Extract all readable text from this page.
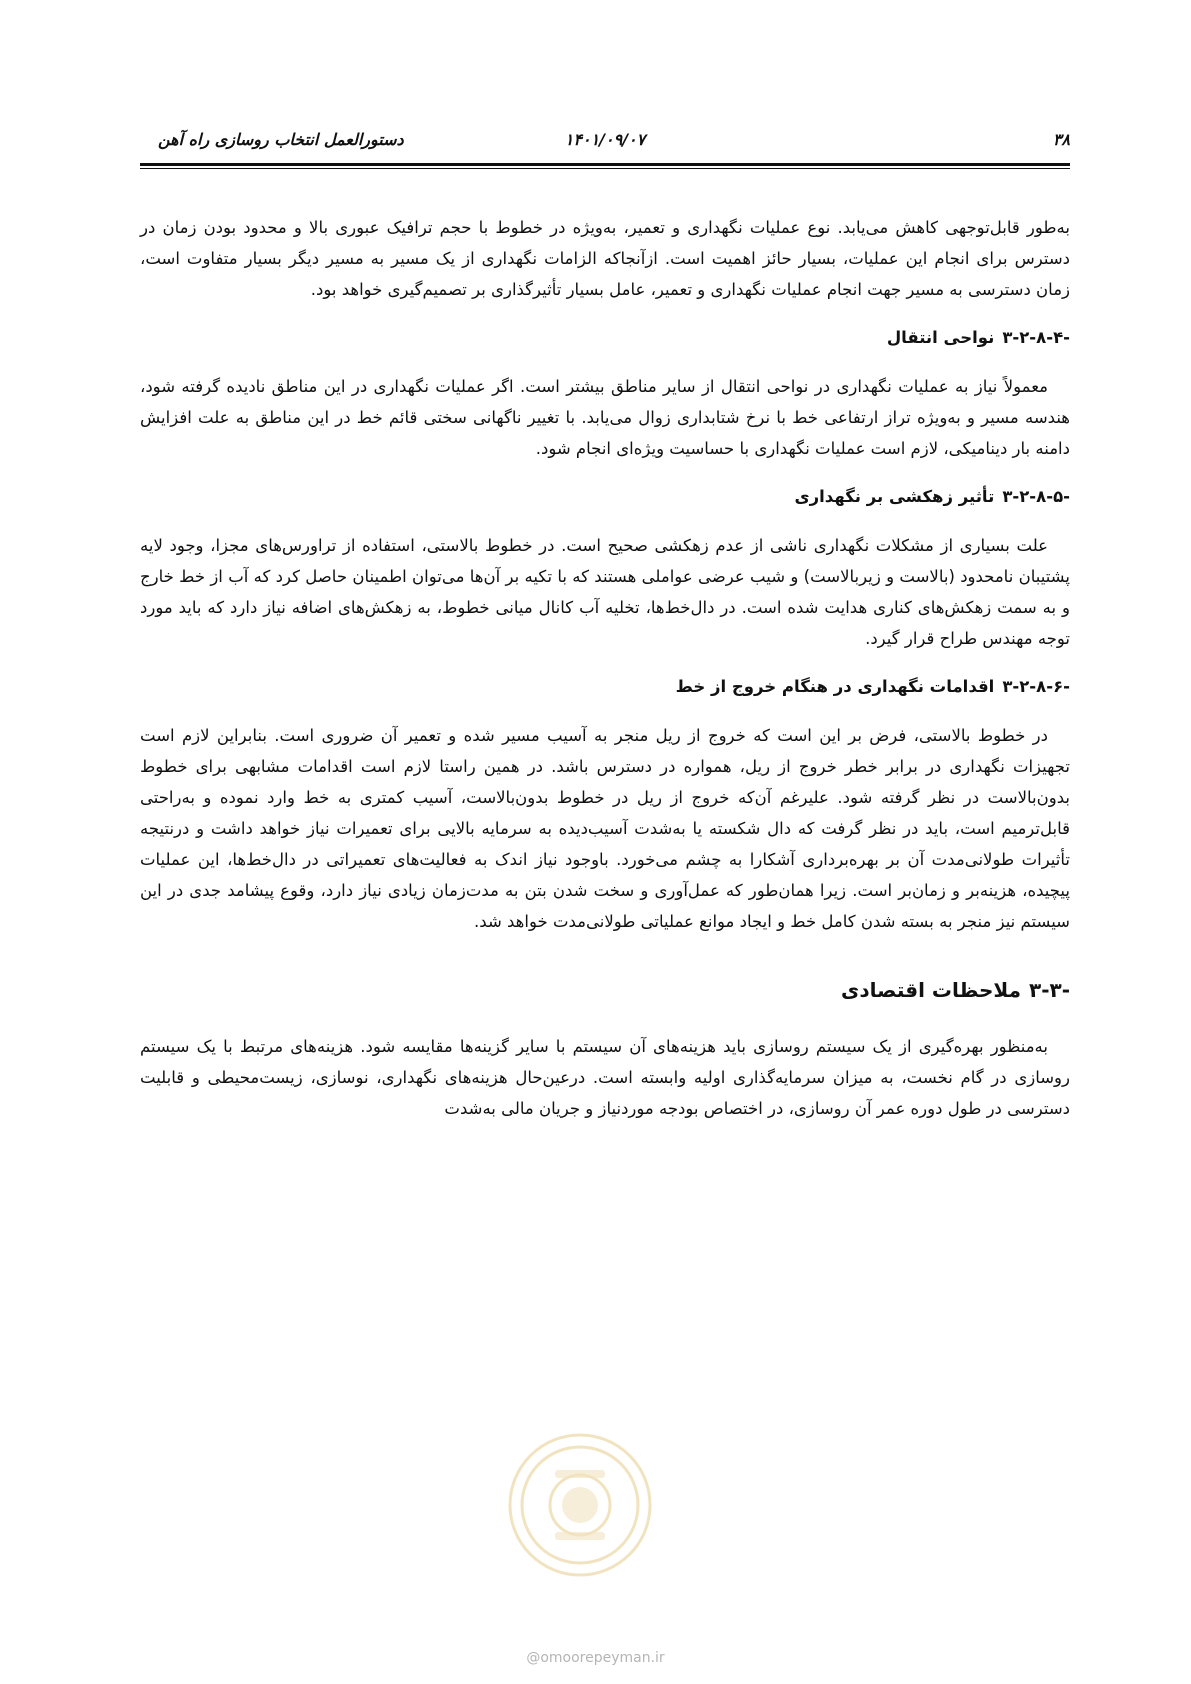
۳۸
۱۴۰۱/۰۹/۰۷
دستورالعمل انتخاب روسازی راه آهن

به‌طور قابل‌توجهی کاهش می‌یابد. نوع عملیات نگهداری و تعمیر، به‌ویژه در خطوط با حجم ترافیک عبوری بالا و محدود بودن زمان در دسترس برای انجام این عملیات، بسیار حائز اهمیت است. ازآنجاکه الزامات نگهداری از یک مسیر به مسیر دیگر بسیار متفاوت است، زمان دسترسی به مسیر جهت انجام عملیات نگهداری و تعمیر، عامل بسیار تأثیرگذاری بر تصمیم‌گیری خواهد بود.

۳-۲-۸-۴-نواحی انتقال

معمولاً نیاز به عملیات نگهداری در نواحی انتقال از سایر مناطق بیشتر است. اگر عملیات نگهداری در این مناطق نادیده گرفته شود، هندسه مسیر و به‌ویژه تراز ارتفاعی خط با نرخ شتابداری زوال می‌یابد. با تغییر ناگهانی سختی قائم خط در این مناطق به علت افزایش دامنه بار دینامیکی، لازم است عملیات نگهداری با حساسیت ویژه‌ای انجام شود.

۳-۲-۸-۵-تأثیر زهکشی بر نگهداری

علت بسیاری از مشکلات نگهداری ناشی از عدم زهکشی صحیح است. در خطوط بالاستی، استفاده از تراورس‌های مجزا، وجود لایه پشتیبان نامحدود (بالاست و زیربالاست) و شیب عرضی عواملی هستند که با تکیه بر آن‌ها می‌توان اطمینان حاصل کرد که آب از خط خارج و به سمت زهکش‌های کناری هدایت شده است. در دال‌خط‌ها، تخلیه آب کانال میانی خطوط، به زهکش‌های اضافه نیاز دارد که باید مورد توجه مهندس طراح قرار گیرد.

۳-۲-۸-۶-اقدامات نگهداری در هنگام خروج از خط

در خطوط بالاستی، فرض بر این است که خروج از ریل منجر به آسیب مسیر شده و تعمیر آن ضروری است. بنابراین لازم است تجهیزات نگهداری در برابر خطر خروج از ریل، همواره در دسترس باشد. در همین راستا لازم است اقدامات مشابهی برای خطوط بدون‌بالاست در نظر گرفته شود. علیرغم آن‌که خروج از ریل در خطوط بدون‌بالاست، آسیب کمتری به خط وارد نموده و به‌راحتی قابل‌ترمیم است، باید در نظر گرفت که دال شکسته یا به‌شدت آسیب‌دیده به سرمایه بالایی برای تعمیرات نیاز خواهد داشت و درنتیجه تأثیرات طولانی‌مدت آن بر بهره‌برداری آشکارا به چشم می‌خورد. باوجود نیاز اندک به فعالیت‌های تعمیراتی در دال‌خط‌ها، این عملیات پیچیده، هزینه‌بر و زمان‌بر است. زیرا همان‌طور که عمل‌آوری و سخت شدن بتن به مدت‌زمان زیادی نیاز دارد، وقوع پیشامد جدی در این سیستم نیز منجر به بسته شدن کامل خط و ایجاد موانع عملیاتی طولانی‌مدت خواهد شد.

۳-۳-ملاحظات اقتصادی

به‌منظور بهره‌گیری از یک سیستم روسازی باید هزینه‌های آن سیستم با سایر گزینه‌ها مقایسه شود. هزینه‌های مرتبط با یک سیستم روسازی در گام نخست، به میزان سرمایه‌گذاری اولیه وابسته است. درعین‌حال هزینه‌های نگهداری، نوسازی، زیست‌محیطی و قابلیت دسترسی در طول دوره عمر آن روسازی، در اختصاص بودجه موردنیاز و جریان مالی به‌شدت

@omoorepeyman.ir
